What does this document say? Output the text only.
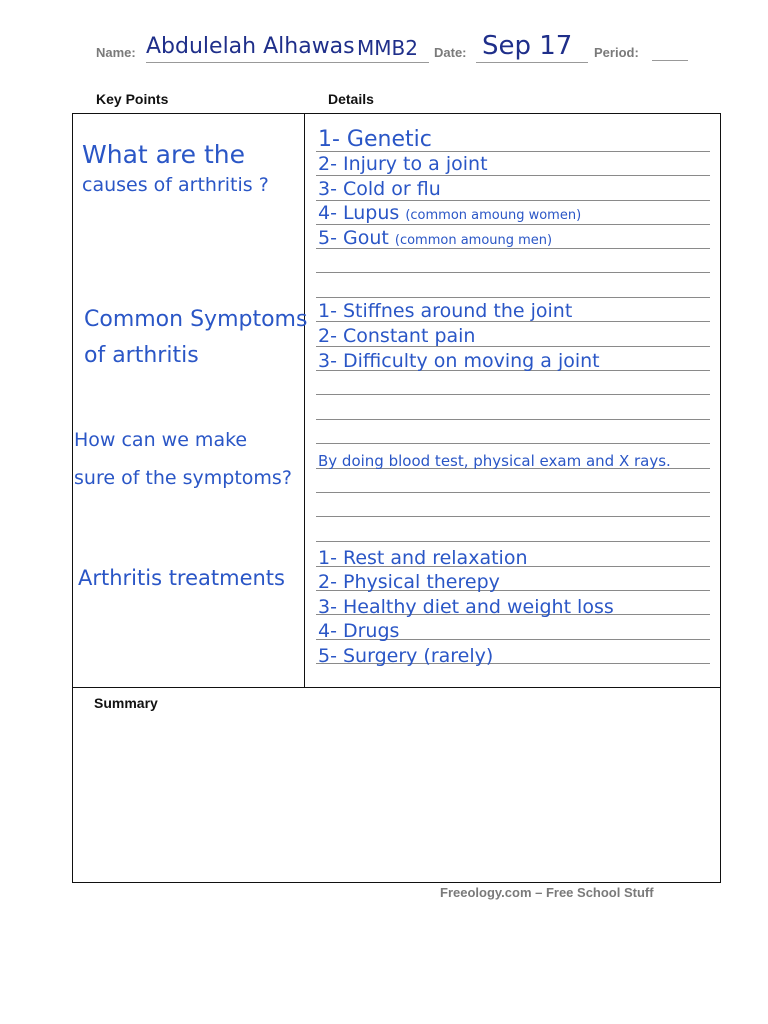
Name: Abdulelah Alhawas MMB2 Date: Sep 17 Period:
Key Points	Details
What are the
causes of arthritis ?
1- Genetic
2- Injury to a joint
3- Cold or flu
4- Lupus (common amoung women)
5- Gout (common amoung men)
Common Symptoms
of arthritis
1- Stiffnes around the joint
2- Constant pain
3- Difficulty on moving a joint
How can we make
sure of the symptoms?
By doing blood test, physical exam and X rays.
Arthritis treatments
1- Rest and relaxation
2- Physical therepy
3- Healthy diet and weight loss
4- Drugs
5- Surgery (rarely)
Summary
Freeology.com – Free School Stuff
